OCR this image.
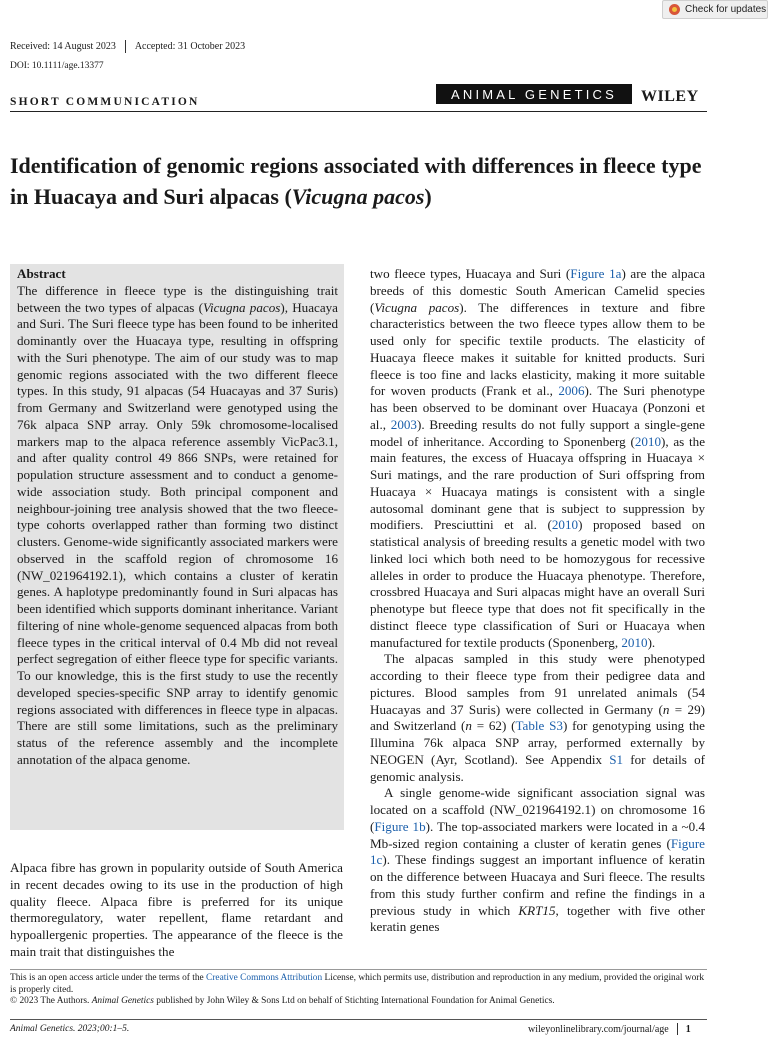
Check for updates
Received: 14 August 2023 Accepted: 31 October 2023
DOI: 10.1111/age.13377
SHORT COMMUNICATION
ANIMAL GENETICS	WILEY
Identification of genomic regions associated with differences in fleece type in Huacaya and Suri alpacas (Vicugna pacos)
Abstract
The difference in fleece type is the distinguishing trait between the two types of alpacas (Vicugna pacos), Huacaya and Suri. The Suri fleece type has been found to be inherited dominantly over the Huacaya type, resulting in offspring with the Suri phenotype. The aim of our study was to map genomic regions associated with the two different fleece types. In this study, 91 alpacas (54 Huacayas and 37 Suris) from Germany and Switzerland were genotyped using the 76k alpaca SNP array. Only 59k chromosome-localised markers map to the alpaca reference assembly VicPac3.1, and after quality control 49 866 SNPs, were retained for population structure assessment and to conduct a genome-wide association study. Both principal component and neighbour-joining tree analysis showed that the two fleece-type cohorts overlapped rather than forming two distinct clusters. Genome-wide significantly associated markers were observed in the scaffold region of chromosome 16 (NW_021964192.1), which contains a cluster of keratin genes. A haplotype predominantly found in Suri alpacas has been identified which supports dominant inheritance. Variant filtering of nine whole-genome sequenced alpacas from both fleece types in the critical interval of 0.4 Mb did not reveal perfect segregation of either fleece type for specific variants. To our knowledge, this is the first study to use the recently developed species-specific SNP array to identify genomic regions associated with differences in fleece type in alpacas. There are still some limitations, such as the preliminary status of the reference assembly and the incomplete annotation of the alpaca genome.
Alpaca fibre has grown in popularity outside of South America in recent decades owing to its use in the production of high quality fleece. Alpaca fibre is preferred for its unique thermoregulatory, water repellent, flame retardant and hypoallergenic properties. The appearance of the fleece is the main trait that distinguishes the

two fleece types, Huacaya and Suri (Figure 1a) are the alpaca breeds of this domestic South American Camelid species (Vicugna pacos). The differences in texture and fibre characteristics between the two fleece types allow them to be used only for specific textile products. The elasticity of Huacaya fleece makes it suitable for knitted products. Suri fleece is too fine and lacks elasticity, making it more suitable for woven products (Frank et al., 2006). The Suri phenotype has been observed to be dominant over Huacaya (Ponzoni et al., 2003). Breeding results do not fully support a single-gene model of inheritance. According to Sponenberg (2010), as the main features, the excess of Huacaya offspring in Huacaya × Suri matings, and the rare production of Suri offspring from Huacaya × Huacaya matings is consistent with a single autosomal dominant gene that is subject to suppression by modifiers. Presciuttini et al. (2010) proposed based on statistical analysis of breeding results a genetic model with two linked loci which both need to be homozygous for recessive alleles in order to produce the Huacaya phenotype. Therefore, crossbred Huacaya and Suri alpacas might have an overall Suri phenotype but fleece type that does not fit specifically in the distinct fleece type classification of Suri or Huacaya when manufactured for textile products (Sponenberg, 2010).

The alpacas sampled in this study were phenotyped according to their fleece type from their pedigree data and pictures. Blood samples from 91 unrelated animals (54 Huacayas and 37 Suris) were collected in Germany (n = 29) and Switzerland (n = 62) (Table S3) for genotyping using the Illumina 76k alpaca SNP array, performed externally by NEOGEN (Ayr, Scotland). See Appendix S1 for details of genomic analysis.

A single genome-wide significant association signal was located on a scaffold (NW_021964192.1) on chromosome 16 (Figure 1b). The top-associated markers were located in a ~0.4 Mb-sized region containing a cluster of keratin genes (Figure 1c). These findings suggest an important influence of keratin on the difference between Huacaya and Suri fleece. The results from this study further confirm and refine the findings in a previous study in which KRT15, together with five other keratin genes

This is an open access article under the terms of the Creative Commons Attribution License, which permits use, distribution and reproduction in any medium, provided the original work is properly cited.
© 2023 The Authors. Animal Genetics published by John Wiley & Sons Ltd on behalf of Stichting International Foundation for Animal Genetics.
Animal Genetics. 2023;00:1–5.	wileyonlinelibrary.com/journal/age 1
